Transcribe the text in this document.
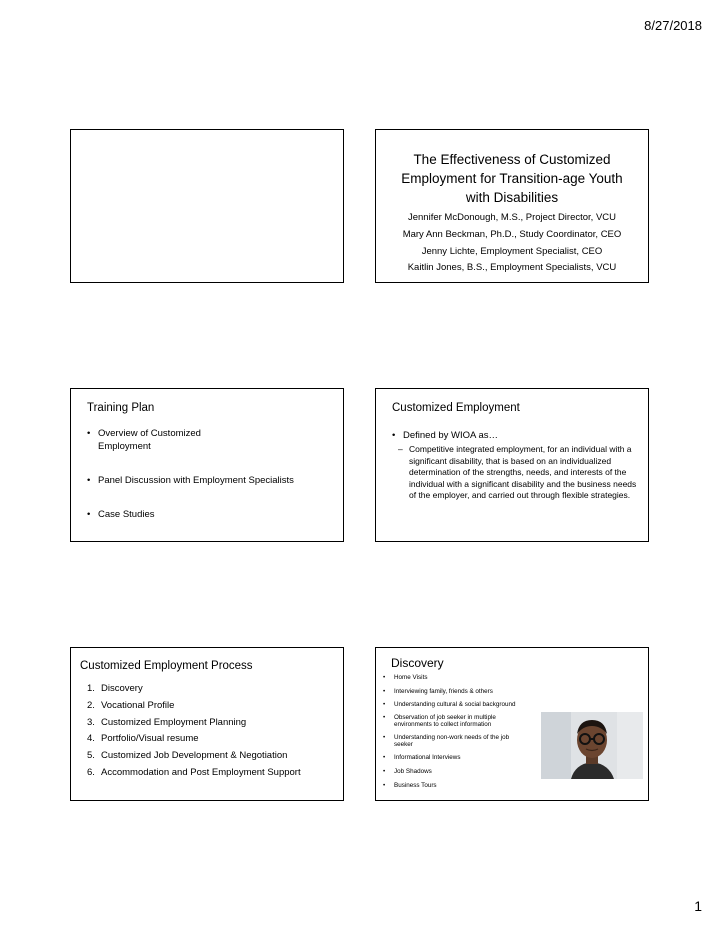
8/27/2018
The Effectiveness of Customized Employment for Transition-age Youth with Disabilities
Jennifer McDonough, M.S., Project Director, VCU
Mary Ann Beckman, Ph.D., Study Coordinator, CEO
Jenny Lichte, Employment Specialist, CEO
Kaitlin Jones, B.S., Employment Specialists, VCU
Training Plan
• Overview of Customized Employment
• Panel Discussion with Employment Specialists
• Case Studies
Customized Employment
• Defined by WIOA as…
– Competitive integrated employment, for an individual with a significant disability, that is based on an individualized determination of the strengths, needs, and interests of the individual with a significant disability and the business needs of the employer, and carried out through flexible strategies.
Customized Employment Process
1. Discovery
2. Vocational Profile
3. Customized Employment Planning
4. Portfolio/Visual resume
5. Customized Job Development & Negotiation
6. Accommodation and Post Employment Support
Discovery
•	Home Visits
•	Interviewing family, friends & others
•	Understanding cultural & social background
•	Observation of job seeker in multiple environments to collect information
•	Understanding non-work needs of the job seeker
•	Informational Interviews
•	Job Shadows
•	Business Tours
1
